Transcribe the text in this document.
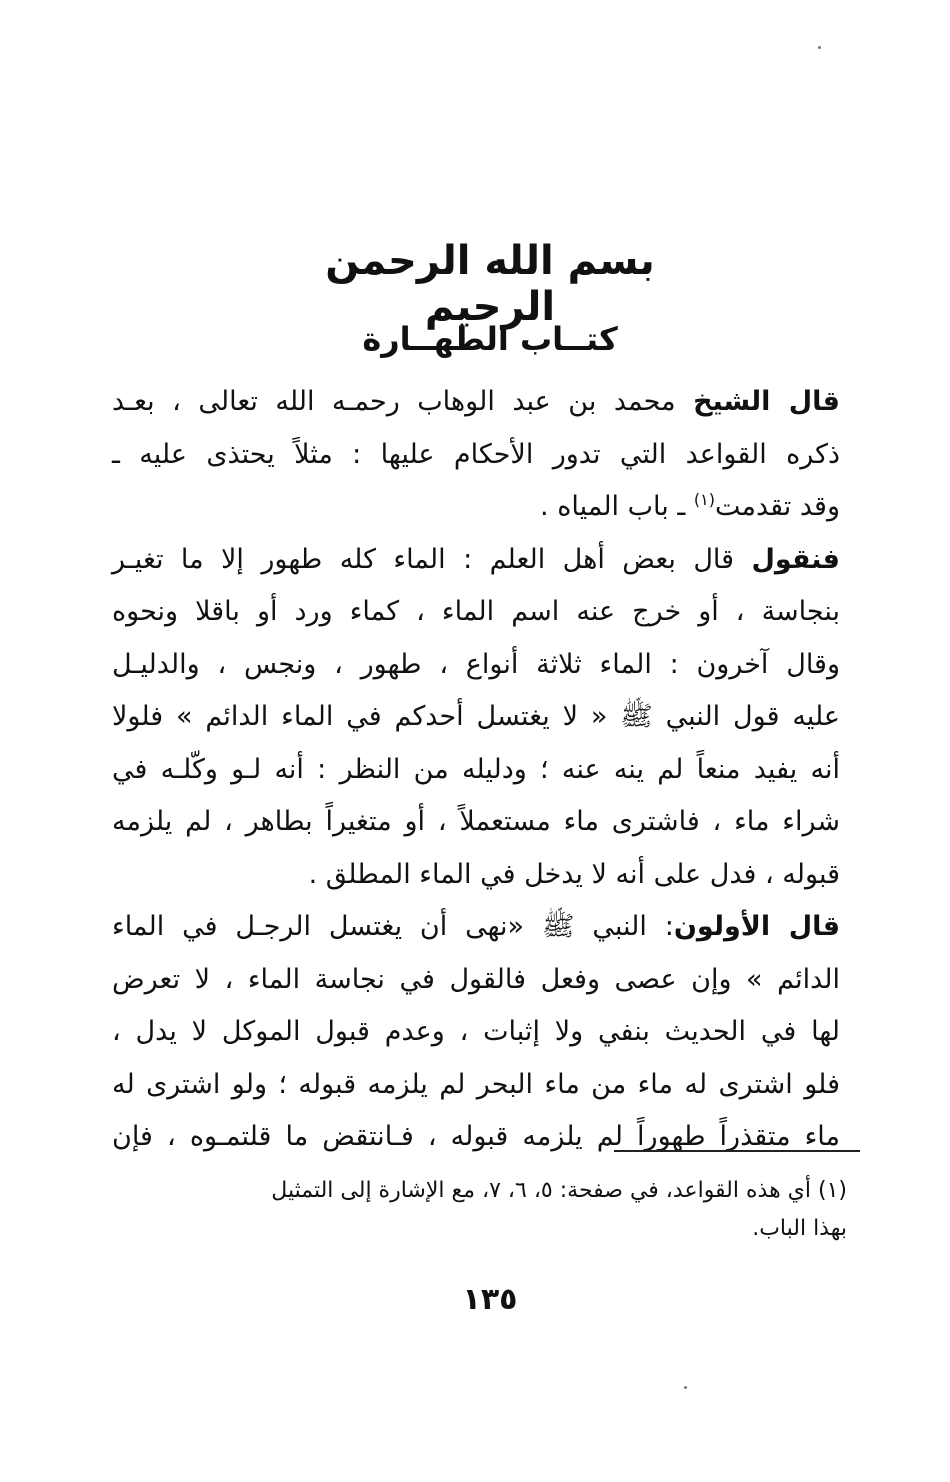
بسم الله الرحمن الرحيم
كتــاب الطهــارة
قال الشيخ محمد بن عبد الوهاب رحمـه الله تعالى ، بعـد
ذكره القواعد التي تدور الأحكام عليها : مثلاً يحتذى عليه ـ
وقد تقدمت$^{(١)}$ ـ باب المياه .
فنقول قال بعض أهل العلم : الماء كله طهور إلا ما تغيـر
بنجاسة ، أو خرج عنه اسم الماء ، كماء ورد أو باقلا ونحوه
وقال آخرون : الماء ثلاثة أنواع ، طهور ، ونجس ، والدليـل
عليه قول النبي ﷺ « لا يغتسل أحدكم في الماء الدائم » فلولا
أنه يفيد منعاً لم ينه عنه ؛ ودليله من النظر : أنه لـو وكّلـه في
شراء ماء ، فاشترى ماء مستعملاً ، أو متغيراً بطاهر ، لم يلزمه
قبوله ، فدل على أنه لا يدخل في الماء المطلق .
قال الأولون: النبي ﷺ «نهى أن يغتسل الرجـل في الماء
الدائم » وإن عصى وفعل فالقول في نجاسة الماء ، لا تعرض
لها في الحديث بنفي ولا إثبات ، وعدم قبول الموكل لا يدل ،
فلو اشترى له ماء من ماء البحر لم يلزمه قبوله ؛ ولو اشترى له
ماء متقذراً طهوراً لم يلزمه قبوله ، فـانتقض ما قلتمـوه ، فإن
(١) أي هذه القواعد، في صفحة: ٥، ٦، ٧، مع الإشارة إلى التمثيل
بهذا الباب.
١٣٥
